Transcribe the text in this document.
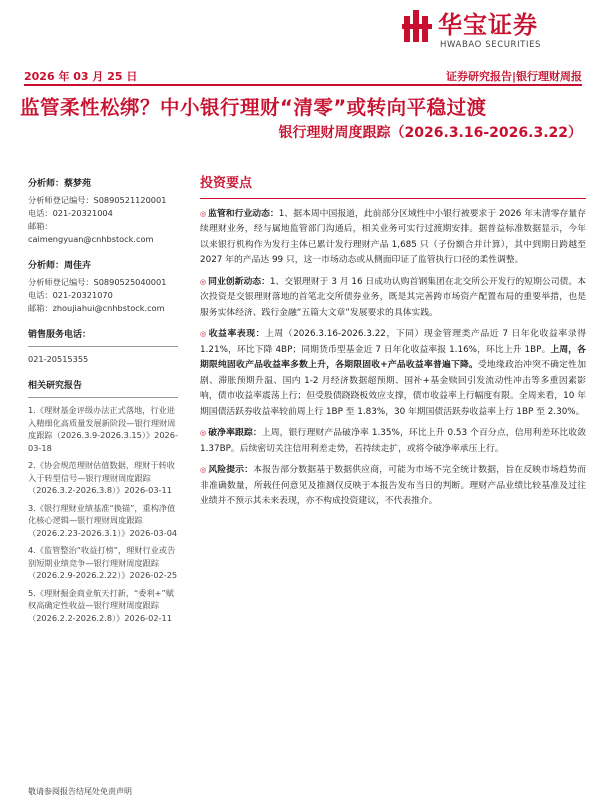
华宝证券
HWABAO SECURITIES
2026 年 03 月 25 日	证券研究报告|银行理财周报
监管柔性松绑？中小银行理财“清零”或转向平稳过渡
银行理财周度跟踪（2026.3.16-2026.3.22）
分析师：蔡梦苑
分析师登记编号：S0890521120001
电话：021-20321004
邮箱：caimengyuan@cnhbstock.com
分析师：周佳卉
分析师登记编号：S0890525040001
电话：021-20321070
邮箱：zhoujiahui@cnhbstock.com
销售服务电话：
021-20515355
相关研究报告
1.《理财基金评级办法正式落地，行业进入精细化高质量发展新阶段—银行理财周度跟踪（2026.3.9-2026.3.15）》2026-03-18
2.《协会规范理财估值数据，理财于转收入于转型信号—银行理财周度跟踪（2026.3.2-2026.3.8）》2026-03-11
3.《银行理财业绩基准“换锚”，重构净值化核心逻辑—银行理财周度跟踪（2026.2.23-2026.3.1）》2026-03-04
4.《监管整治“收益打榜”，理财行业或告别短期业绩竞争—银行理财周度跟踪（2026.2.9-2026.2.22）》2026-02-25
5.《理财掘金商业航天打新，“委利+”赋权高确定性收益—银行理财周度跟踪（2026.2.2-2026.2.8）》2026-02-11
投资要点
◎ 监管和行业动态：1、据本周中国报道，此前部分区域性中小银行被要求于 2026 年末清零存量存续理财业务，经与属地监管部门沟通后，相关业务可实行过渡期安排。据普益标准数据显示，今年以来银行机构作为发行主体已累计发行理财产品 1,685 只（子份额合并计算），其中到期日跨越至 2027 年的产品达 99 只，这一市场动态或从侧面印证了监管执行口径的柔性调整。
◎ 同业创新动态：1、交银理财于 3 月 16 日成功认购首钢集团在北交所公开发行的短期公司债。本次投资是交银理财落地的首笔北交所债券业务，既是其完善跨市场资产配置布局的重要举措，也是服务实体经济、践行金融“五篇大文章”发展要求的具体实践。
◎ 收益率表现：上周（2026.3.16-2026.3.22，下同）现金管理类产品近 7 日年化收益率录得 1.21%，环比下降 4BP；同期货币型基金近 7 日年化收益率报 1.16%，环比上升 1BP。上周，各期限纯固收产品收益率多数上升，各期限固收+产品收益率普遍下降。受地缘政治冲突不确定性加剧、滞胀预期升温、国内 1-2 月经济数据超预期、国补+基金赎回引发流动性冲击等多重因素影响，债市收益率震荡上行；但受股债跷跷板效应支撑，债市收益率上行幅度有限。全周来看，10 年期国债活跃券收益率较前周上行 1BP 至 1.83%，30 年期国债活跃券收益率上行 1BP 至 2.30%。
◎ 破净率跟踪：上周，银行理财产品破净率 1.35%，环比上升 0.53 个百分点，信用利差环比收敛 1.37BP。后续密切关注信用利差走势，若持续走扩，或将令破净率承压上行。
◎ 风险提示：本报告部分数据基于数据供应商，可能为市场不完全统计数据，旨在反映市场趋势而非准确数量，所载任何意见及推测仅反映于本报告发布当日的判断。理财产品业绩比较基准及过往业绩并不预示其未来表现，亦不构成投资建议，不代表推介。
敬请参阅报告结尾处免责声明
